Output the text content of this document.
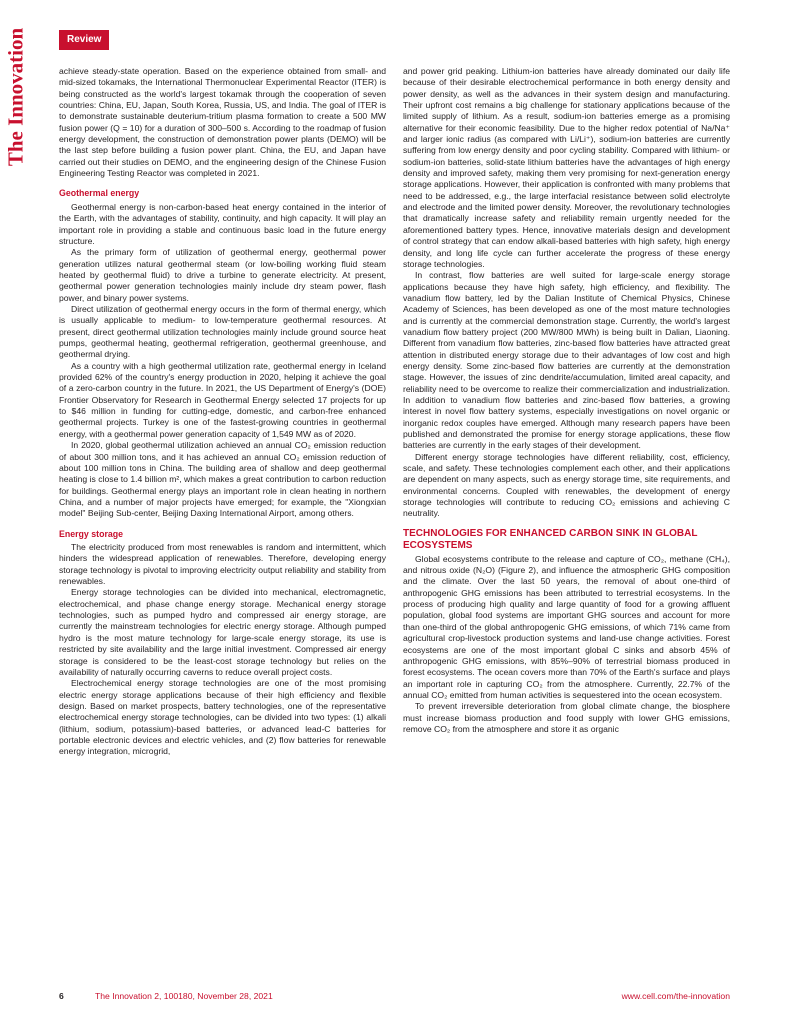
The Innovation	Review

achieve steady-state operation. Based on the experience obtained from small- and mid-sized tokamaks, the International Thermonuclear Experimental Reactor (ITER) is being constructed as the world's largest tokamak through the cooperation of seven countries: China, EU, Japan, South Korea, Russia, US, and India. The goal of ITER is to demonstrate sustainable deuterium-tritium plasma formation to create a 500 MW fusion power (Q = 10) for a duration of 300–500 s. According to the roadmap of fusion energy development, the construction of demonstration power plants (DEMO) will be the last step before building a fusion power plant. China, the EU, and Japan have carried out their studies on DEMO, and the engineering design of the Chinese Fusion Engineering Testing Reactor was completed in 2021.

Geothermal energy

Geothermal energy is non-carbon-based heat energy contained in the interior of the Earth, with the advantages of stability, continuity, and high capacity. It will play an important role in providing a stable and continuous basic load in the future energy structure.

As the primary form of utilization of geothermal energy, geothermal power generation utilizes natural geothermal steam (or low-boiling working fluid steam heated by geothermal fluid) to drive a turbine to generate electricity. At present, geothermal power generation technologies mainly include dry steam power, flash power, and binary power systems.

Direct utilization of geothermal energy occurs in the form of thermal energy, which is usually applicable to medium- to low-temperature geothermal resources. At present, direct geothermal utilization technologies mainly include ground source heat pumps, geothermal heating, geothermal refrigeration, geothermal greenhouse, and geothermal drying.

As a country with a high geothermal utilization rate, geothermal energy in Iceland provided 62% of the country's energy production in 2020, helping it achieve the goal of a zero-carbon country in the future. In 2021, the US Department of Energy's (DOE) Frontier Observatory for Research in Geothermal Energy selected 17 projects for up to $46 million in funding for cutting-edge, domestic, and carbon-free enhanced geothermal projects. Turkey is one of the fastest-growing countries in geothermal energy, with a geothermal power generation capacity of 1,549 MW as of 2020.

In 2020, global geothermal utilization achieved an annual CO₂ emission reduction of about 300 million tons, and it has achieved an annual CO₂ emission reduction of about 100 million tons in China. The building area of shallow and deep geothermal heating is close to 1.4 billion m², which makes a great contribution to carbon reduction for buildings. Geothermal energy plays an important role in clean heating in northern China, and a number of major projects have emerged; for example, the "Xiongxian model" Beijing Sub-center, Beijing Daxing International Airport, among others.

Energy storage

The electricity produced from most renewables is random and intermittent, which hinders the widespread application of renewables. Therefore, developing energy storage technology is pivotal to improving electricity output reliability and stability from renewables.

Energy storage technologies can be divided into mechanical, electromagnetic, electrochemical, and phase change energy storage. Mechanical energy storage technologies, such as pumped hydro and compressed air energy storage, are currently the mainstream technologies for electric energy storage. Although pumped hydro is the most mature technology for large-scale energy storage, its use is restricted by site availability and the large initial investment. Compressed air energy storage is considered to be the least-cost storage technology but relies on the availability of naturally occurring caverns to reduce overall project costs.

Electrochemical energy storage technologies are one of the most promising electric energy storage applications because of their high efficiency and flexible design. Based on market prospects, battery technologies, one of the representative electrochemical energy storage technologies, can be divided into two types: (1) alkali (lithium, sodium, potassium)-based batteries, or advanced lead-C batteries for portable electronic devices and electric vehicles, and (2) flow batteries for renewable energy integration, microgrid,

and power grid peaking. Lithium-ion batteries have already dominated our daily life because of their desirable electrochemical performance in both energy density and power density, as well as the advances in their system design and manufacturing. Their upfront cost remains a big challenge for stationary applications because of the limited supply of lithium. As a result, sodium-ion batteries emerge as a promising alternative for their economic feasibility. Due to the higher redox potential of Na/Na⁺ and larger ionic radius (as compared with Li/Li⁺), sodium-ion batteries are currently suffering from low energy density and poor cycling stability. Compared with lithium- or sodium-ion batteries, solid-state lithium batteries have the advantages of high energy density and improved safety, making them very promising for next-generation energy storage applications. However, their application is confronted with many problems that need to be addressed, e.g., the large interfacial resistance between solid electrolyte and electrode and the limited power density. Moreover, the revolutionary technologies that dramatically increase safety and reliability remain urgently needed for the aforementioned battery types. Hence, innovative materials design and development of control strategy that can endow alkali-based batteries with high safety, high energy density, and long life cycle can further accelerate the progress of these energy storage technologies.

In contrast, flow batteries are well suited for large-scale energy storage applications because they have high safety, high efficiency, and flexibility. The vanadium flow battery, led by the Dalian Institute of Chemical Physics, Chinese Academy of Sciences, has been developed as one of the most mature technologies and is currently at the commercial demonstration stage. Currently, the world's largest vanadium flow battery project (200 MW/800 MWh) is being built in Dalian, Liaoning. Different from vanadium flow batteries, zinc-based flow batteries have attracted great attention in distributed energy storage due to their advantages of low cost and high energy density. Some zinc-based flow batteries are currently at the demonstration stage. However, the issues of zinc dendrite/accumulation, limited areal capacity, and reliability need to be overcome to realize their commercialization and industrialization. In addition to vanadium flow batteries and zinc-based flow batteries, a growing interest in novel flow battery systems, especially investigations on novel organic or inorganic redox couples have emerged. Although many research papers have been published and demonstrated the promise for energy storage applications, these flow batteries are currently in the early stages of their development.

Different energy storage technologies have different reliability, cost, efficiency, scale, and safety. These technologies complement each other, and their applications are dependent on many aspects, such as energy storage time, site requirements, and environmental concerns. Coupled with renewables, the development of energy storage technologies will contribute to reducing CO₂ emissions and achieving C neutrality.

TECHNOLOGIES FOR ENHANCED CARBON SINK IN GLOBAL ECOSYSTEMS

Global ecosystems contribute to the release and capture of CO₂, methane (CH₄), and nitrous oxide (N₂O) (Figure 2), and influence the atmospheric GHG composition and the climate. Over the last 50 years, the removal of about one-third of anthropogenic GHG emissions has been attributed to terrestrial ecosystems. In the process of producing high quality and large quantity of food for a growing affluent population, global food systems are important GHG sources and account for more than one-third of the global anthropogenic GHG emissions, of which 71% came from agricultural crop-livestock production systems and land-use change activities. Forest ecosystems are one of the most important global C sinks and absorb 45% of anthropogenic GHG emissions, with 85%–90% of terrestrial biomass produced in forest ecosystems. The ocean covers more than 70% of the Earth's surface and plays an important role in capturing CO₂ from the atmosphere. Currently, 22.7% of the annual CO₂ emitted from human activities is sequestered into the ocean ecosystem.

To prevent irreversible deterioration from global climate change, the biosphere must increase biomass production and food supply with lower GHG emissions, remove CO₂ from the atmosphere and store it as organic

6	The Innovation 2, 100180, November 28, 2021	www.cell.com/the-innovation
